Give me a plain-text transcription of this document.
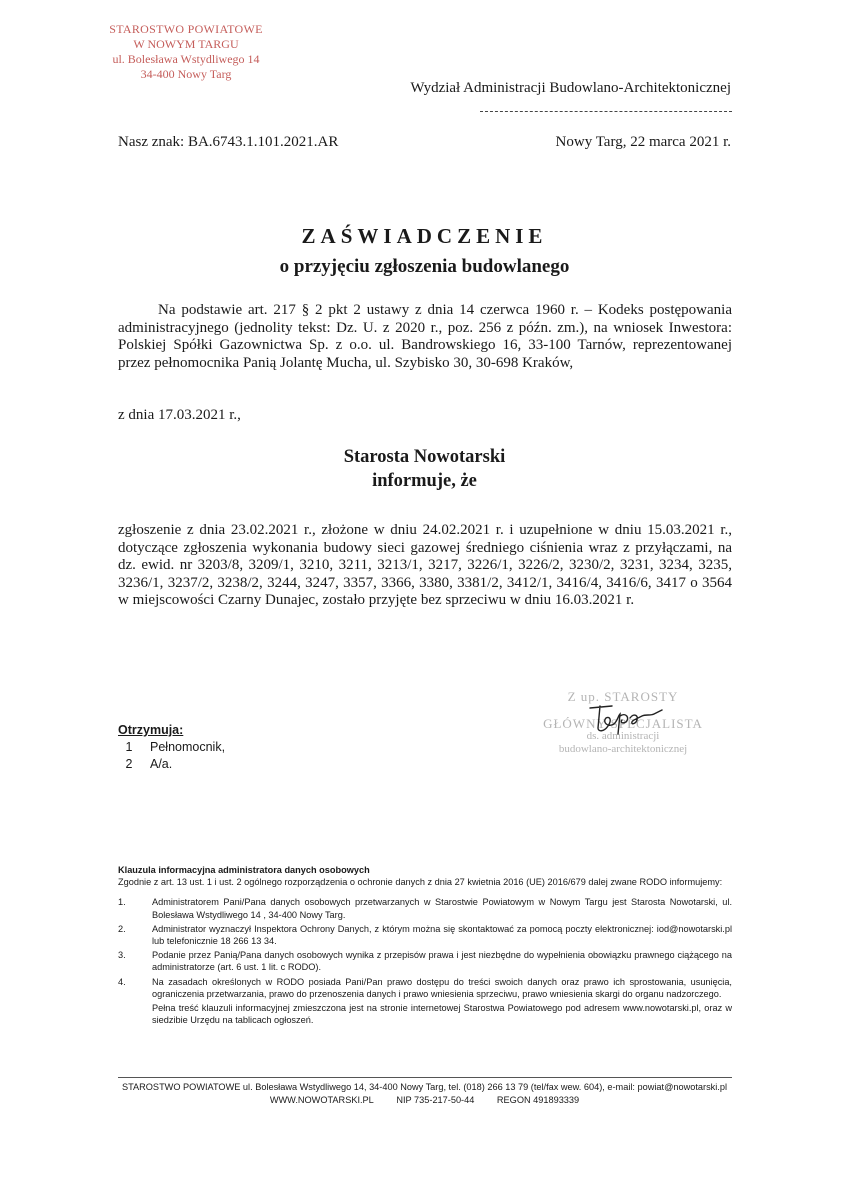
STAROSTWO POWIATOWE
W NOWYM TARGU
ul. Bolesława Wstydliwego 14
34-400 Nowy Targ
Wydział Administracji Budowlano-Architektonicznej
Nasz znak: BA.6743.1.101.2021.AR	Nowy Targ, 22 marca 2021 r.
ZAŚWIADCZENIE
o przyjęciu zgłoszenia budowlanego
Na podstawie art. 217 § 2 pkt 2 ustawy z dnia 14 czerwca 1960 r. – Kodeks postępowania administracyjnego (jednolity tekst: Dz. U. z 2020 r., poz. 256 z późn. zm.), na wniosek Inwestora: Polskiej Spółki Gazownictwa Sp. z o.o. ul. Bandrowskiego 16, 33-100 Tarnów, reprezentowanej przez pełnomocnika Panią Jolantę Mucha, ul. Szybisko 30, 30-698 Kraków,
z dnia 17.03.2021 r.,
Starosta Nowotarski
informuje, że
zgłoszenie z dnia 23.02.2021 r., złożone w dniu 24.02.2021 r. i uzupełnione w dniu 15.03.2021 r., dotyczące zgłoszenia wykonania budowy sieci gazowej średniego ciśnienia wraz z przyłączami, na dz. ewid. nr 3203/8, 3209/1, 3210, 3211, 3213/1, 3217, 3226/1, 3226/2, 3230/2, 3231, 3234, 3235, 3236/1, 3237/2, 3238/2, 3244, 3247, 3357, 3366, 3380, 3381/2, 3412/1, 3416/4, 3416/6, 3417 o 3564 w miejscowości Czarny Dunajec, zostało przyjęte bez sprzeciwu w dniu 16.03.2021 r.
Z up. STAROSTY
GŁÓWNY SPECJALISTA
ds. administracji
budowlano-architektonicznej
Otrzymuja:
1 Pełnomocnik,
2 A/a.
Klauzula informacyjna administratora danych osobowych
Zgodnie z art. 13 ust. 1 i ust. 2 ogólnego rozporządzenia o ochronie danych z dnia 27 kwietnia 2016 (UE) 2016/679 dalej zwane RODO informujemy:
1.	Administratorem Pani/Pana danych osobowych przetwarzanych w Starostwie Powiatowym w Nowym Targu jest Starosta Nowotarski, ul. Bolesława Wstydliwego 14 , 34-400 Nowy Targ.
2.	Administrator wyznaczył Inspektora Ochrony Danych, z którym można się skontaktować za pomocą poczty elektronicznej: iod@nowotarski.pl lub telefonicznie 18 266 13 34.
3.	Podanie przez Panią/Pana danych osobowych wynika z przepisów prawa i jest niezbędne do wypełnienia obowiązku prawnego ciążącego na administratorze (art. 6 ust. 1 lit. c RODO).
4.	Na zasadach określonych w RODO posiada Pani/Pan prawo dostępu do treści swoich danych oraz prawo ich sprostowania, usunięcia, ograniczenia przetwarzania, prawo do przenoszenia danych i prawo wniesienia sprzeciwu, prawo wniesienia skargi do organu nadzorczego.
Pełna treść klauzuli informacyjnej zmieszczona jest na stronie internetowej Starostwa Powiatowego pod adresem www.nowotarski.pl, oraz w siedzibie Urzędu na tablicach ogłoszeń.
STAROSTWO POWIATOWE ul. Bolesława Wstydliwego 14, 34-400 Nowy Targ, tel. (018) 266 13 79 (tel/fax wew. 604), e-mail: powiat@nowotarski.pl
WWW.NOWOTARSKI.PL NIP 735-217-50-44 REGON 491893339
